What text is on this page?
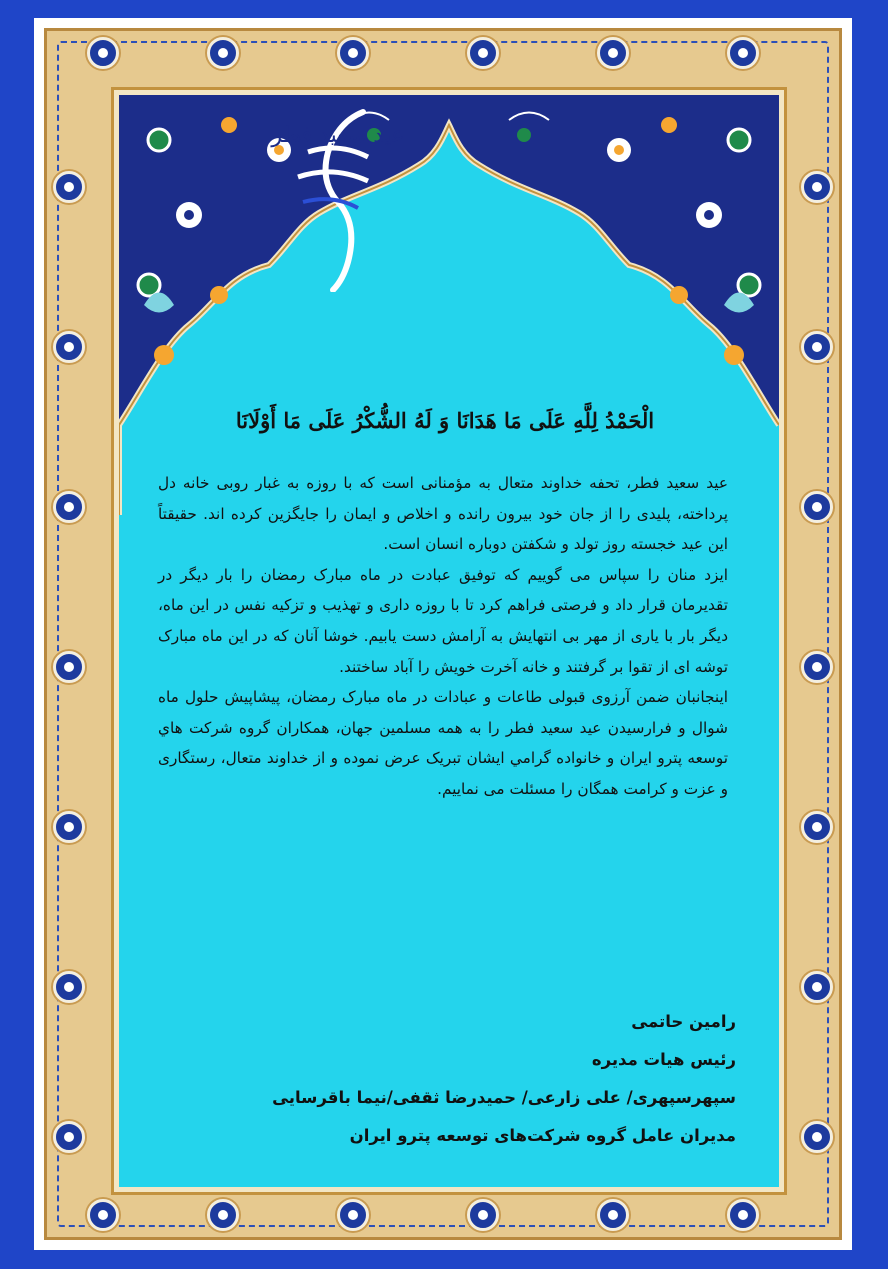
عید سعید فطر
الْحَمْدُ لِلَّهِ عَلَى مَا هَدَانَا وَ لَهُ الشُّكْرُ عَلَى مَا أَوْلَانَا

عید سعید فطر، تحفه خداوند متعال به مؤمنانی است که با روزه به غبار روبی خانه دل پرداخته، پلیدی را از جان خود بیرون رانده و اخلاص و ایمان را جایگزین کرده اند. حقیقتاً این عید خجسته روز تولد و شکفتن دوباره انسان است.

ایزد منان را سپاس می گوییم که توفیق عبادت در ماه مبارک رمضان را بار دیگر در تقدیرمان قرار داد و فرصتی فراهم کرد تا با روزه داری و تهذیب و تزکیه نفس در این ماه، دیگر بار با یاری از مهر بی انتهایش به آرامش دست یابیم. خوشا آنان که در این ماه مبارک توشه ای از تقوا بر گرفتند و خانه آخرت خویش را آباد ساختند.

اینجانبان ضمن آرزوی قبولی طاعات و عبادات در ماه مبارک رمضان، پیشاپیش حلول ماه شوال و فرارسیدن عید سعید فطر را به همه مسلمین جهان، همکاران گروه شرکت هاي توسعه پترو ايران و خانواده گرامي ايشان تبريک عرض نموده و از خداوند متعال، رستگاری و عزت و کرامت همگان را مسئلت می نماییم.

رامین حاتمی
رئیس هیات مدیره
سپهرسپهری/ علی زارعی/ حمیدرضا ثقفی/نیما باقرسایی
مدیران عامل گروه شرکت‌های توسعه پترو ایران
